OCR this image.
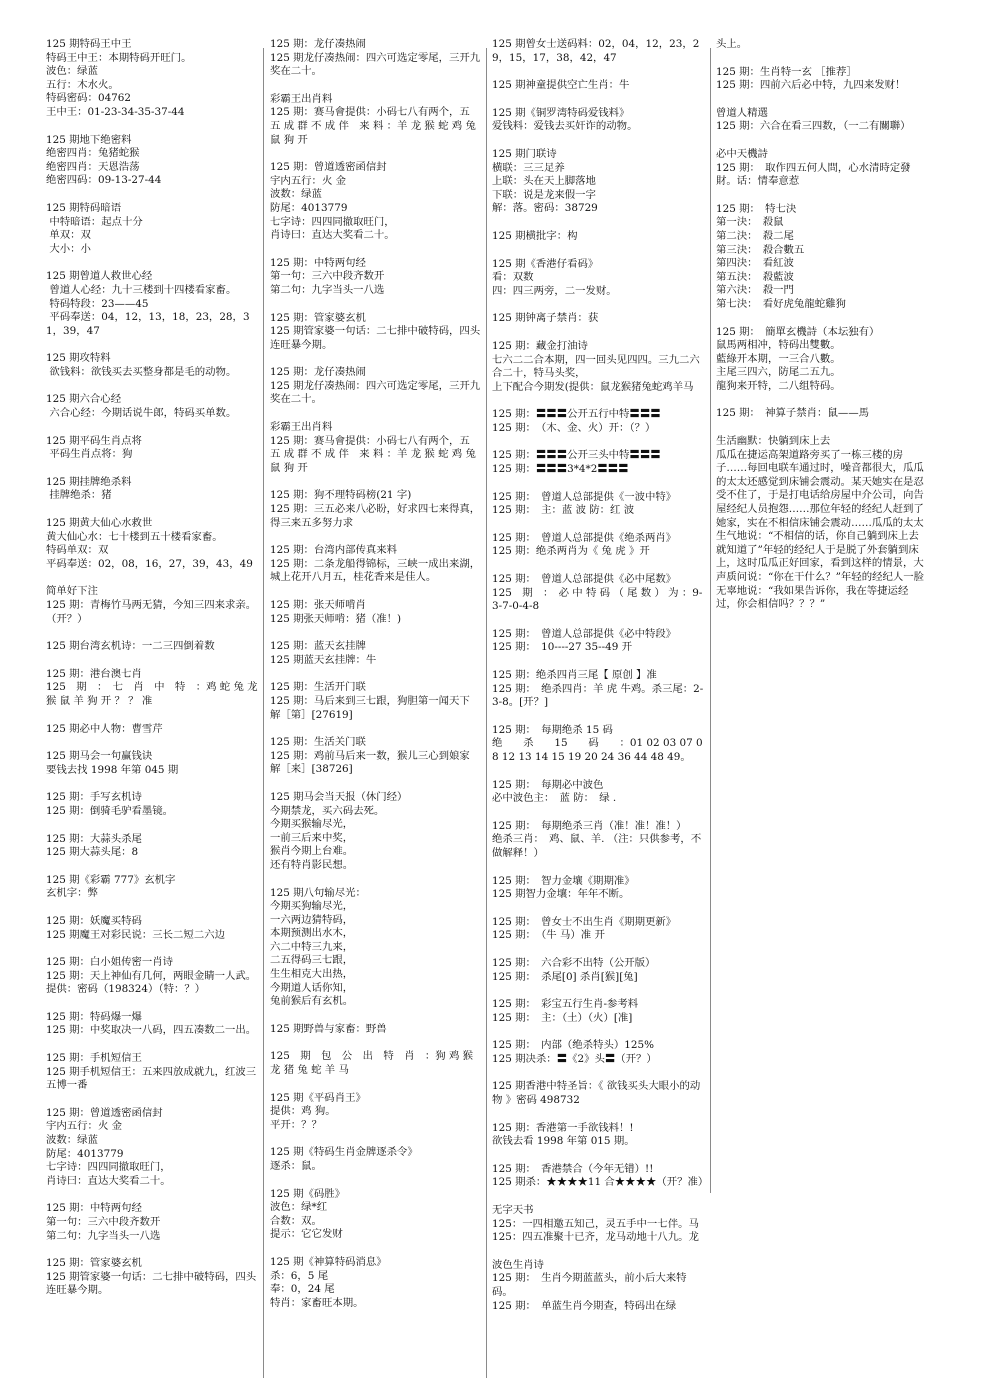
125 期特码王中王
特码王中王：本期特码开旺门。
波色：绿蓝
五行：木水火。
特码密码：04762
王中王：01-23-34-35-37-44
125 期地下绝密料
绝密四肖：兔猪蛇猴
绝密四肖：天恩浩荡
绝密四码：09-13-27-44
125 期特码暗语
中特暗语：起点十分
单双：双
大小：小
125 期曾道人救世心经
曾道人心经：九十三楼到十四楼看家畜。
特码特段：23——45
平码奉送：04，12，13，18，23，28，31，39，47
125 期攻特料
欲钱料：欲钱买去买整身都是毛的动物。
125 期六合心经
六合心经：今期话说牛郎，特码买单数。
125 期平码生肖点将
平码生肖点将：狗
125 期挂牌绝杀料
挂牌绝杀：猪
125 期黄大仙心水救世
黄大仙心水：七十楼到五十楼看家畜。
特码单双：双
平码奉送：02，08，16，27，39，43，49
简单好下注
125 期：青梅竹马两无猜，今知三四来求亲。（开？）
125 期台湾玄机诗：一二三四倒着数
125 期：港台澳七肖
125　期　：　七　肖　中　特　：鸡 蛇 兔 龙 猴 鼠 羊 狗 开 ？ ？ 准
125 期必中人物：曹雪芹
125 期马会一句赢钱诀
要钱去找 1998 年第 045 期
125 期：手写玄机诗
125 期：倒骑毛驴看墨镜。
125 期：大蒜头杀尾
125 期大蒜头尾：8
125 期《彩霸 777》玄机字
玄机字：弊
125 期：妖魔买特码
125 期魔王对彩民说：三长二短二六边
125 期：白小姐传密一肖诗
125 期：天上神仙有几何，两眼金睛一人武。提供：密码（198324）（特：？）
125 期：特码爆一爆
125 期：中奖取决一八码，四五凑数二一出。
125 期：手机短信王
125 期手机短信王：五来四放成就九，红波三五博一番
125 期：曾道透密函信封
宇内五行：火 金
波数：绿蓝
防尾：4013779
七字诗：四四同撤取旺门，
肖诗曰：直达大奖看二十。
125 期：中特两句经
第一句：三六中段齐数开
第二句：九字当头一八选
125 期：管家婆玄机
125 期管家婆一句话：二七排中破特码，四头连旺暴今期。
125 期：龙仔凑热闹
125 期龙仔凑热闹：四六可选定零尾，三开九奖在二十。
彩霸王出肖料
125 期：赛马會提供：小码七八有两个，五 五 成 群 不 成 伴　来 料 ：羊 龙 猴 蛇 鸡 兔 鼠 狗 开
125 期：曾道透密函信封
宇内五行：火 金
波数：绿蓝
防尾：4013779
七字诗：四四同撤取旺门，
肖诗曰：直达大奖看二十。
125 期：中特两句经
第一句：三六中段齐数开
第二句：九字当头一八选
125 期：管家婆玄机
125 期管家婆一句话：二七排中破特码，四头连旺暴今期。
125 期：龙仔凑热闹
125 期龙仔凑热闹：四六可选定零尾，三开九奖在二十。
彩霸王出肖料
125 期：赛马會提供：小码七八有两个，五 五 成 群 不 成 伴　来 料 ：羊 龙 猴 蛇 鸡 兔 鼠 狗 开
125 期：狗不理特码榜(21 字)
125 期：三五必来八必盼，好求四七来得真，得三来五多努力求
125 期：台湾内部传真来料
125 期：二条龙船得锦标，三峡一成出来湖，城上花开八月五，桂花香来是佳人。
125 期：张天师啃肖
125 期张天师啃：猪（准！)
125 期：蓝天玄挂牌
125 期蓝天玄挂牌：牛
125 期：生活开门联
125 期：马后来到三七跟，狗胆第一闻天下
解［第］[27619]
125 期：生活关门联
125 期：鸡前马后来一数，猴儿三心到娘家
解［来］[38726]
125 期马会当天报（休门经）
今期禁龙，买六码去死。
今期买猴输尽光，
一前三后来中奖，
猴肖今期上台难。
还有特肖影民想。
125 期八句输尽光：
今期买狗输尽光，
一六两边猜特码，
本期预测出水木，
六二中特三九来，
二五得码三七跟，
生生相克大出热，
今期道人话你知，
兔前猴后有玄机。
125 期野兽与家畜：野兽
125　期　包　公　出　特　肖　：狗 鸡 猴 龙 猪 兔 蛇 羊 马
125 期《平码肖王》
提供：鸡 狗。
平开：？？
125 期《特码生肖金牌逐杀令》
逐杀：鼠。
125 期《码胜》
波色：绿*红
合数：双。
提示：它它发财
125 期《神算特码消息》
杀：6，5 尾
奉：0，24 尾
特肖：家畜旺本期。
125 期曾女士送码料：02，04，12，23，29，15，17，38，42，47
125 期神童提供空亡生肖：牛
125 期《铜罗湾特码爱钱料》
爱钱料：爱钱去买奸诈的动物。
125 期门联诗
横联：三三足养
上联：头在天上脚落地
下联：说是龙来假一字
解：落。密码：38729
125 期横批字：构
125 期《香港仔看码》
看：双数
四：四三两旁，二一发财。
125 期钟离子禁肖：获
125 期：藏金打油诗
七六二二合本期，四一回头见四四。三九二六合二十，特马头奖，
上下配合今期发(提供：鼠龙猴猪兔蛇鸡羊马
125 期：〓〓〓公开五行中特〓〓〓
125 期：　（木、金、火）开：（？）
125 期：〓〓〓公开三头中特〓〓〓
125 期：〓〓〓3*4*2〓〓〓
125 期：　曾道人总部提供《一波中特》
125 期：　主：蓝 波 防：红 波
125 期：　曾道人总部提供《绝杀两肖》
125 期：绝杀两肖为《 兔 虎 》开
125 期：　曾道人总部提供《必中尾数》
125　期　：　必 中 特 码 （ 尾 数 ） 为 ：9-3-7-0-4-8
125 期：　曾道人总部提供《必中特段》
125 期：　10----27 35--49 开
125 期：绝杀四肖三尾【 原创 】准
125 期：　绝杀四肖：羊 虎 牛鸡。杀三尾：2-3-8。[开？]
125 期：　每期绝杀 15 码
绝　　杀　　15　　码　　：01 02 03 07 08 12 13 14 15 19 20 24 36 44 48 49。
125 期：　每期必中波色
必中波色主：　蓝 防：　绿 .
125 期：　每期绝杀三肖（准！准！准！）
绝杀三肖：　鸡、鼠、羊. （注：只供参考，不做解释！）
125 期：　智力金壤《期期准》
125 期智力金壤：年年不断。
125 期：　曾女士不出生肖《期期更新》
125 期：　（牛 马）准 开
125 期：　六合彩不出特（公开版）
125 期：　杀尾[0] 杀肖[猴][兔]
125 期：　彩宝五行生肖-参考料
125 期：　主：（土）（火）[准]
125 期：　内部（绝杀特头）125%
125 期决杀：〓《2》头〓（开？）
125 期香港中特圣旨：《 欲钱买头大眼小的动物 》密码 498732
125 期：香港第一手欲钱料！!
欲钱去看 1998 年第 015 期。
125 期：　香港禁合（今年无错）!!
125 期杀：★★★★11 合★★★★（开？准）
无字天书
125：一四相邀五知己，灵五手中一七伴。马
125：四五准聚十已齐，龙马动地十八九。龙
波色生肖诗
125 期：　生肖今期蓝蓝头，前小后大来特码。
125 期：　单蓝生肖今期查，特码出在绿
头上。
125 期：生肖特一玄 ［推荐］
125 期：四前六后必中特，九四来发财！
曾道人精選
125 期：六合在看三四数，（一二有關聯）
必中天機詩
125 期：　取作四五何人問，心水清時定發財。话：情奉意惹
125 期：　特七決
第一決：　殺鼠
第二決：　殺二尾
第三決：　殺合數五
第四決：　看紅波
第五決：　殺藍波
第六決：　殺一門
第七決：　看好虎兔龍蛇雞狗
125 期：　簡單玄機詩（本坛独有）
鼠馬两相冲，特码出雙數。
藍綠开本期，一三合八數。
主尾三四六，防尾二五九。
龍狗来开特，二八组特码。
125 期：　神算子禁肖：鼠——馬
生活幽默：快躺到床上去
瓜瓜在捷运高架道路旁买了一栋三楼的房子……每回电联车通过时，噪音都很大，瓜瓜的太太还感觉到床铺会震动。某天她实在是忍受不住了，于是打电话给房屋中介公司，向告屋经纪人员抱怨……那位年轻的经纪人赶到了她家，实在不相信床铺会震动……瓜瓜的太太生气地说：“不相信的话，你自己躺到床上去就知道了”年轻的经纪人于是脱了外套躺到床上，这时瓜瓜正好回家，看到这样的情景，大声质问说：“你在干什么？”年轻的经纪人一脸无辜地说：“我如果告诉你，我在等捷运经过，你会相信吗？？？”
